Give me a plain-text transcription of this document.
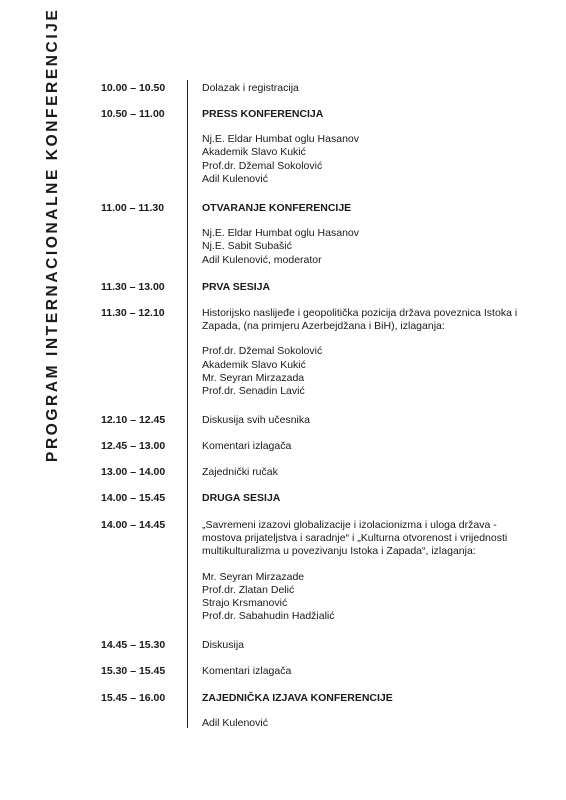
PROGRAM INTERNACIONALNE KONFERENCIJE	10.00 – 10.50	Dolazak i registracija
10.50 – 11.00	PRESS KONFERENCIJA
Nj.E. Eldar Humbat oglu Hasanov
Akademik Slavo Kukić
Prof.dr. Džemal Sokolović
Adil Kulenović
11.00 – 11.30	OTVARANJE KONFERENCIJE
Nj.E. Eldar Humbat oglu Hasanov
Nj.E. Sabit Subašić
Adil Kulenović, moderator
11.30 – 13.00	PRVA SESIJA
11.30 – 12.10	Historijsko naslijeđe i geopolitička pozicija država poveznica Istoka i Zapada, (na primjeru Azerbejdžana i BiH), izlaganja:
Prof.dr. Džemal Sokolović
Akademik Slavo Kukić
Mr. Seyran Mirzazada
Prof.dr. Senadin Lavić
12.10 – 12.45	Diskusija svih učesnika
12.45 – 13.00	Komentari izlagača
13.00 – 14.00	Zajednički ručak
14.00 – 15.45	DRUGA SESIJA
14.00 – 14.45	„Savremeni izazovi globalizacije i izolacionizma i uloga država - mostova prijateljstva i saradnje“ i „Kulturna otvorenost i vrijednosti multikulturalizma u povezivanju Istoka i Zapada“, izlaganja:
Mr. Seyran Mirzazade
Prof.dr. Zlatan Delić
Strajo Krsmanović
Prof.dr. Sabahudin Hadžialić
14.45 – 15.30	Diskusija
15.30 – 15.45	Komentari izlagača
15.45 – 16.00	ZAJEDNIČKA IZJAVA KONFERENCIJE
Adil Kulenović
